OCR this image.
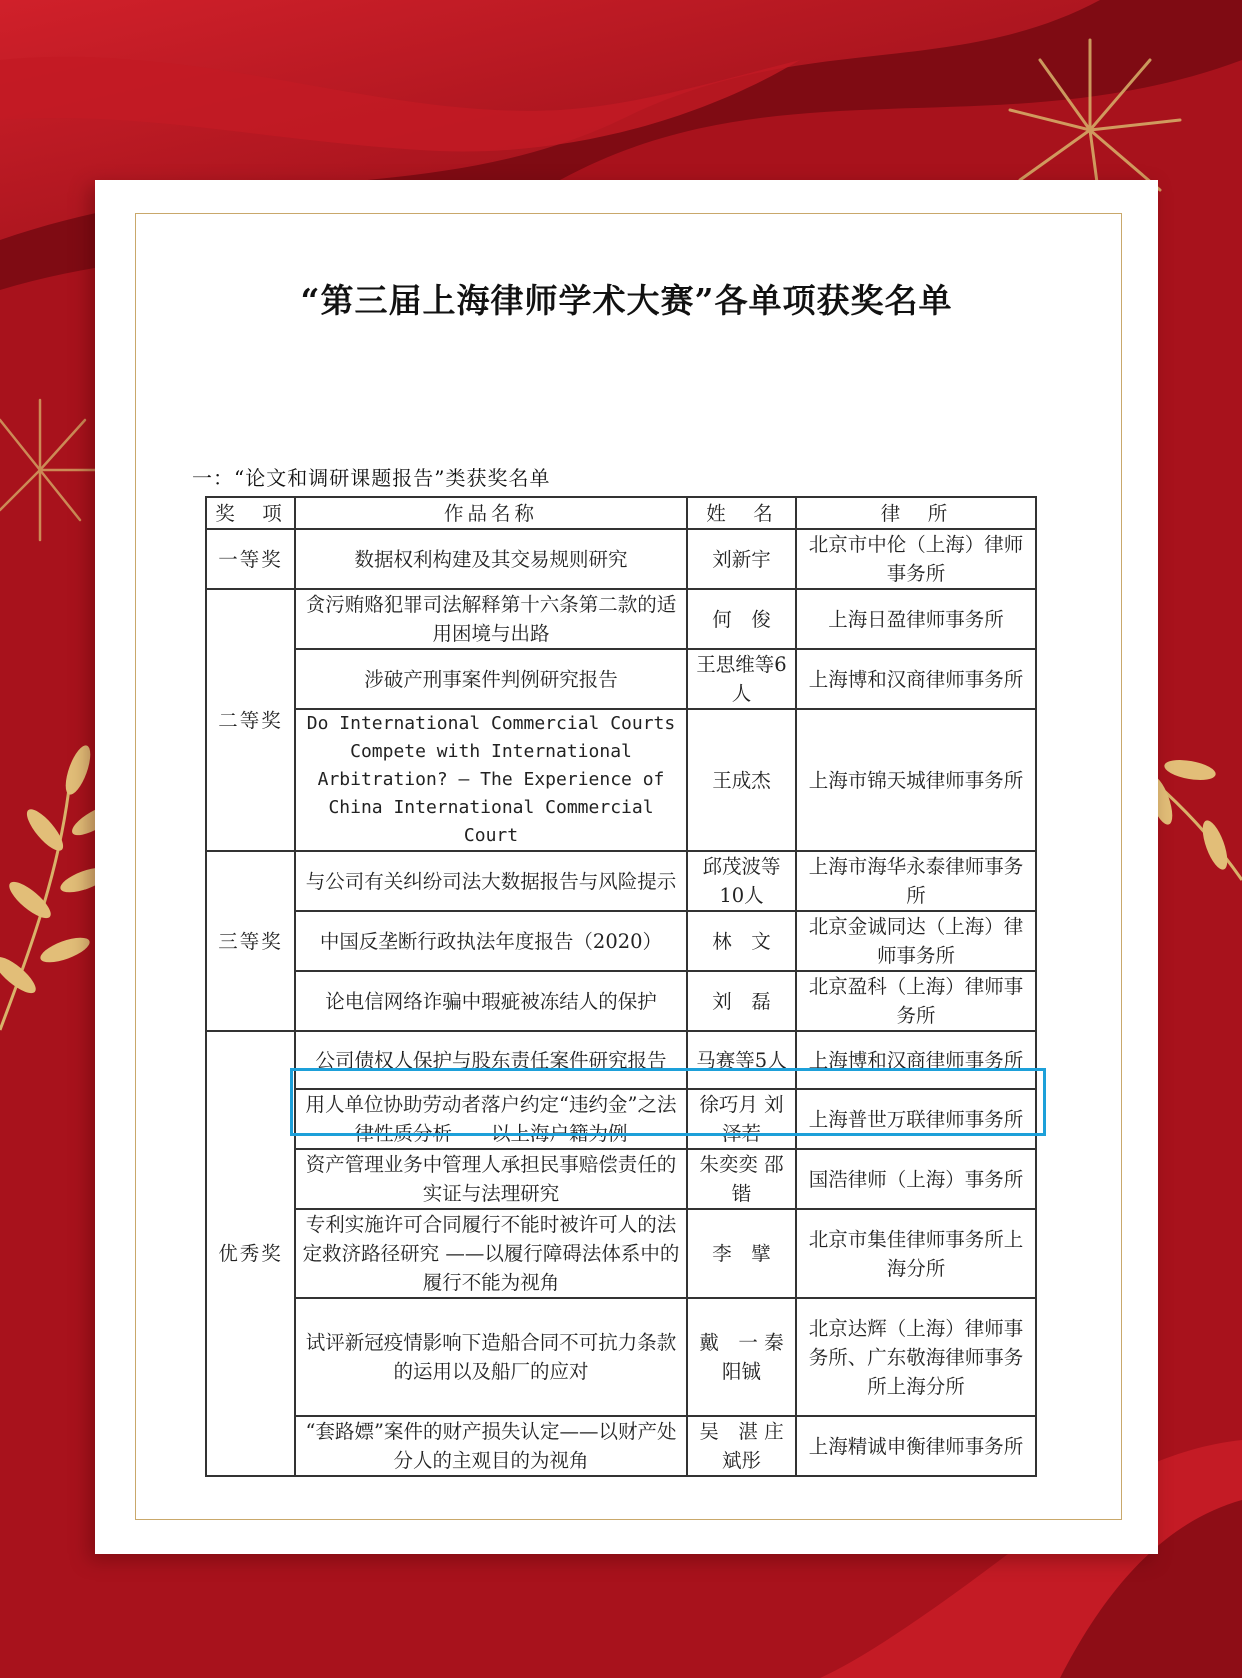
“第三届上海律师学术大赛”各单项获奖名单
一：“论文和调研课题报告”类获奖名单
奖　项	作品名称	姓　名	律　所
一等奖	数据权利构建及其交易规则研究	刘新宇	北京市中伦（上海）律师事务所
二等奖	贪污贿赂犯罪司法解释第十六条第二款的适用困境与出路	何　俊	上海日盈律师事务所
	涉破产刑事案件判例研究报告	王思维等6人	上海博和汉商律师事务所
	Do International Commercial Courts Compete with International Arbitration? — The Experience of China International Commercial Court	王成杰	上海市锦天城律师事务所
三等奖	与公司有关纠纷司法大数据报告与风险提示	邱茂波等10人	上海市海华永泰律师事务所
	中国反垄断行政执法年度报告（2020）	林　文	北京金诚同达（上海）律师事务所
	论电信网络诈骗中瑕疵被冻结人的保护	刘　磊	北京盈科（上海）律师事务所
优秀奖	公司债权人保护与股东责任案件研究报告	马赛等5人	上海博和汉商律师事务所
	用人单位协助劳动者落户约定“违约金”之法律性质分析——以上海户籍为例	徐巧月 刘泽若	上海普世万联律师事务所
	资产管理业务中管理人承担民事赔偿责任的实证与法理研究	朱奕奕 邵　锴	国浩律师（上海）事务所
	专利实施许可合同履行不能时被许可人的法定救济路径研究 ——以履行障碍法体系中的履行不能为视角	李　擘	北京市集佳律师事务所上海分所
	试评新冠疫情影响下造船合同不可抗力条款的运用以及船厂的应对	戴　一 秦阳铖	北京达辉（上海）律师事务所、广东敬海律师事务所上海分所
	“套路嫖”案件的财产损失认定——以财产处分人的主观目的为视角	吴　湛 庄斌彤	上海精诚申衡律师事务所
